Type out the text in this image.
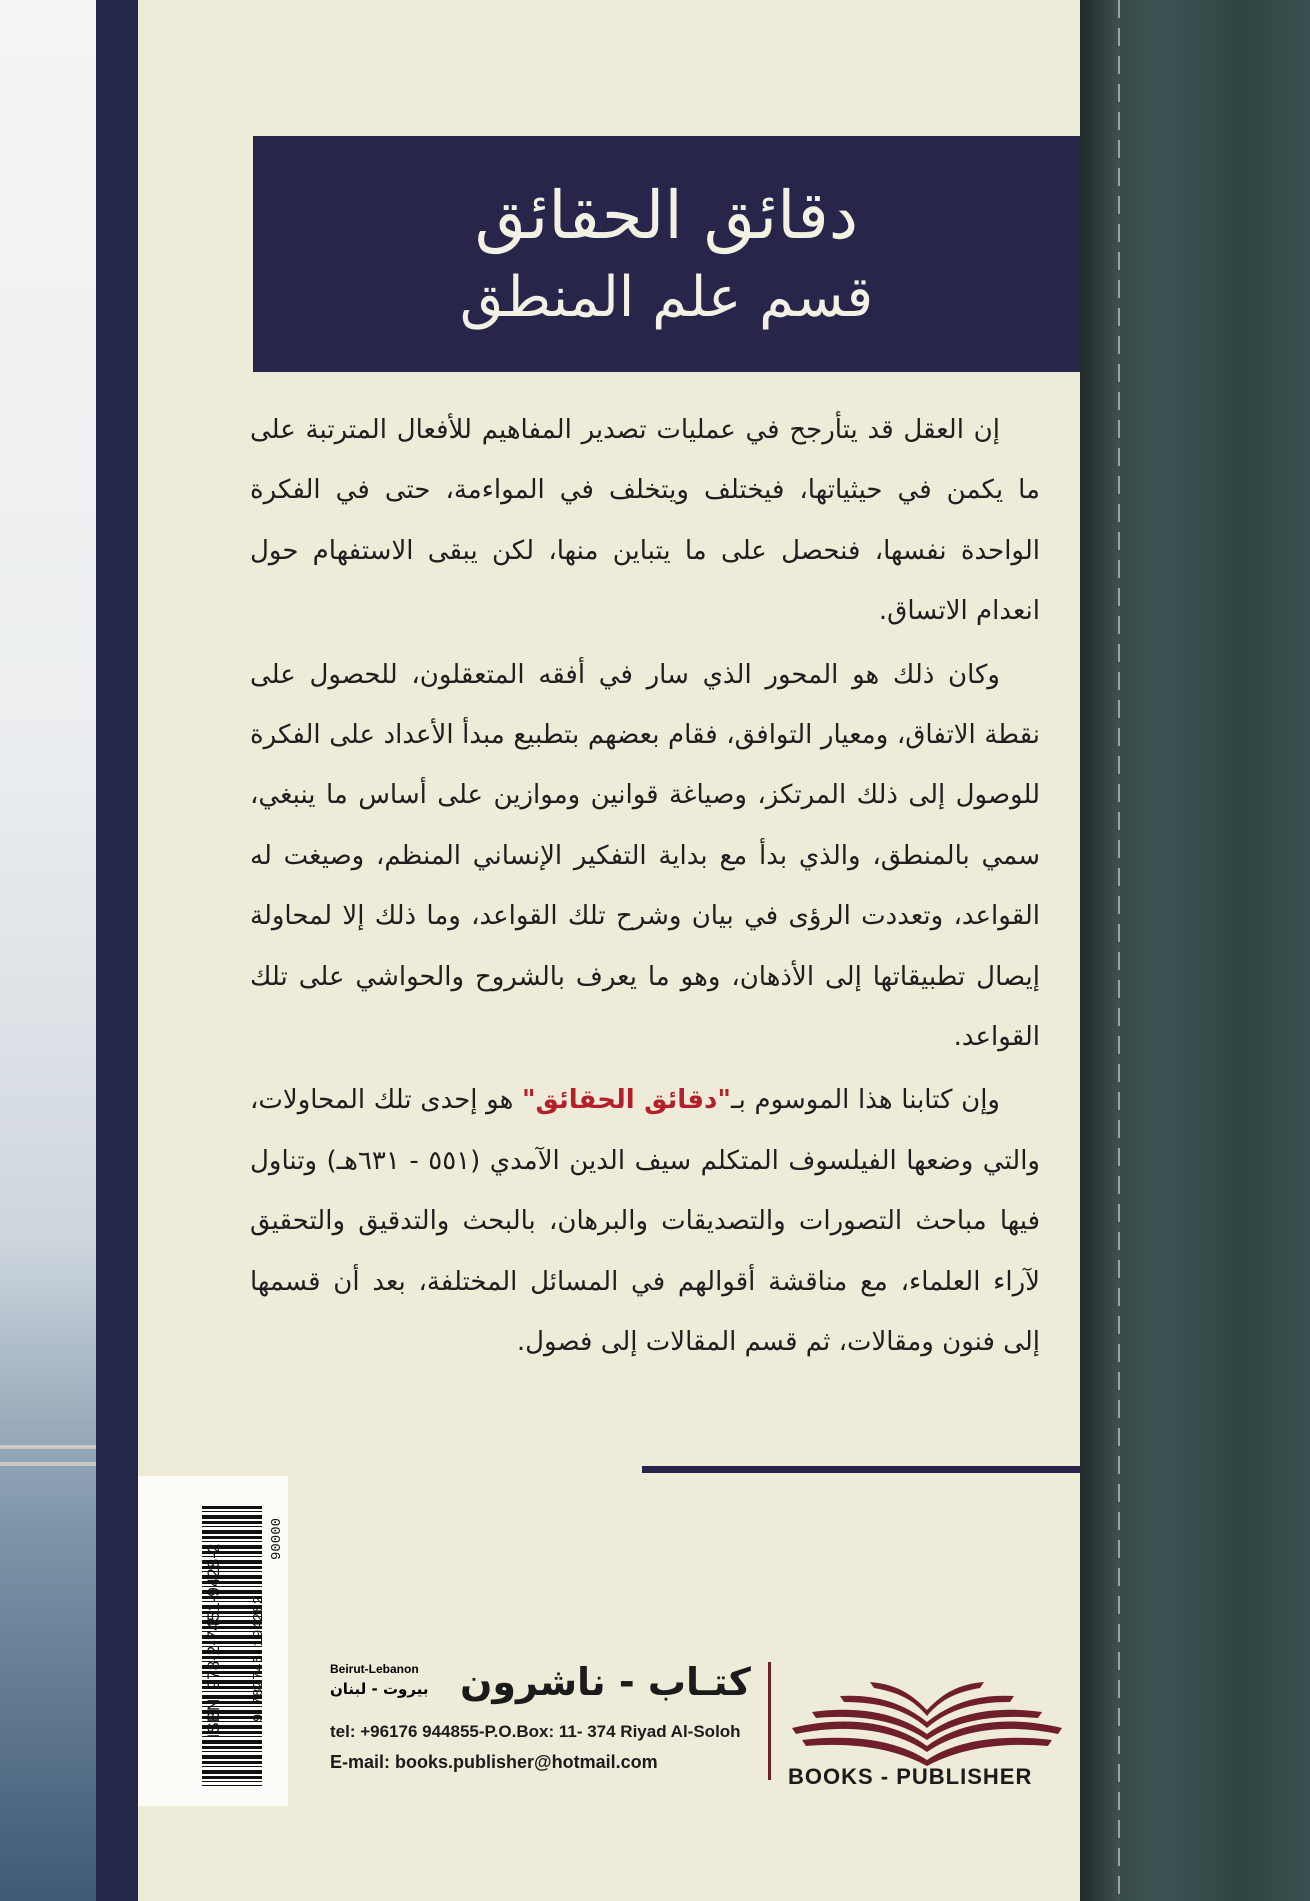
دقائق الحقائق
قسم علم المنطق

إن العقل قد يتأرجح في عمليات تصدير المفاهيم للأفعال المترتبة على ما يكمن في حيثياتها، فيختلف ويتخلف في المواءمة، حتى في الفكرة الواحدة نفسها، فنحصل على ما يتباين منها، لكن يبقى الاستفهام حول انعدام الاتساق.

وكان ذلك هو المحور الذي سار في أفقه المتعقلون، للحصول على نقطة الاتفاق، ومعيار التوافق، فقام بعضهم بتطبيع مبدأ الأعداد على الفكرة للوصول إلى ذلك المرتكز، وصياغة قوانين وموازين على أساس ما ينبغي، سمي بالمنطق، والذي بدأ مع بداية التفكير الإنساني المنظم، وصيغت له القواعد، وتعددت الرؤى في بيان وشرح تلك القواعد، وما ذلك إلا لمحاولة إيصال تطبيقاتها إلى الأذهان، وهو ما يعرف بالشروح والحواشي على تلك القواعد.

وإن كتابنا هذا الموسوم بـ"دقائق الحقائق" هو إحدى تلك المحاولات، والتي وضعها الفيلسوف المتكلم سيف الدين الآمدي (٥٥١ - ٦٣١هـ) وتناول فيها مباحث التصورات والتصديقات والبرهان، بالبحث والتدقيق والتحقيق لآراء العلماء، مع مناقشة أقوالهم في المسائل المختلفة، بعد أن قسمها إلى فنون ومقالات، ثم قسم المقالات إلى فصول.

ISBN: 978-2-7451-9428-2 9 782745 194282
90000
Beirut-Lebanon
بيروت - لبنان كتـاب - ناشرون
tel: +96176 944855-P.O.Box: 11- 374 Riyad Al-Soloh
E-mail: books.publisher@hotmail.com
BOOKS - PUBLISHER
